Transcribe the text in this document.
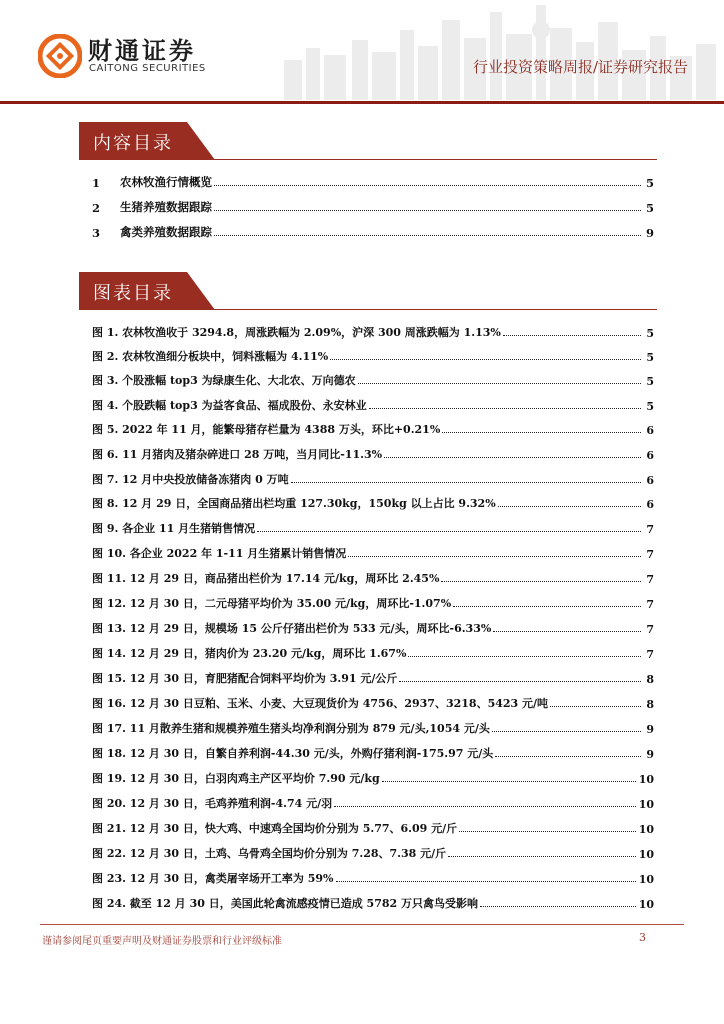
财通证券
CAITONG SECURITIES	行业投资策略周报/证券研究报告
内容目录
1	农林牧渔行情概览	5
2	生猪养殖数据跟踪	5
3	禽类养殖数据跟踪	9
图表目录
图 1. 农林牧渔收于 3294.8，周涨跌幅为 2.09%，沪深 300 周涨跌幅为 1.13%	5
图 2. 农林牧渔细分板块中，饲料涨幅为 4.11%	5
图 3. 个股涨幅 top3 为绿康生化、大北农、万向德农	5
图 4. 个股跌幅 top3 为益客食品、福成股份、永安林业	5
图 5. 2022 年 11 月，能繁母猪存栏量为 4388 万头，环比+0.21%	6
图 6. 11 月猪肉及猪杂碎进口 28 万吨，当月同比-11.3%	6
图 7. 12 月中央投放储备冻猪肉 0 万吨	6
图 8. 12 月 29 日，全国商品猪出栏均重 127.30kg，150kg 以上占比 9.32%	6
图 9. 各企业 11 月生猪销售情况	7
图 10. 各企业 2022 年 1-11 月生猪累计销售情况	7
图 11. 12 月 29 日，商品猪出栏价为 17.14 元/kg，周环比 2.45%	7
图 12. 12 月 30 日，二元母猪平均价为 35.00 元/kg，周环比-1.07%	7
图 13. 12 月 29 日，规模场 15 公斤仔猪出栏价为 533 元/头，周环比-6.33%	7
图 14. 12 月 29 日，猪肉价为 23.20 元/kg，周环比 1.67%	7
图 15. 12 月 30 日，育肥猪配合饲料平均价为 3.91 元/公斤	8
图 16. 12 月 30 日豆粕、玉米、小麦、大豆现货价为 4756、2937、3218、5423 元/吨	8
图 17. 11 月散养生猪和规模养殖生猪头均净利润分别为 879 元/头,1054 元/头	9
图 18. 12 月 30 日，自繁自养利润-44.30 元/头，外购仔猪利润-175.97 元/头	9
图 19. 12 月 30 日，白羽肉鸡主产区平均价 7.90 元/kg	10
图 20. 12 月 30 日，毛鸡养殖利润-4.74 元/羽	10
图 21. 12 月 30 日，快大鸡、中速鸡全国均价分别为 5.77、6.09 元/斤	10
图 22. 12 月 30 日，土鸡、乌骨鸡全国均价分别为 7.28、7.38 元/斤	10
图 23. 12 月 30 日，禽类屠宰场开工率为 59%	10
图 24. 截至 12 月 30 日，美国此轮禽流感疫情已造成 5782 万只禽鸟受影响	10
谨请参阅尾页重要声明及财通证券股票和行业评级标准	3
